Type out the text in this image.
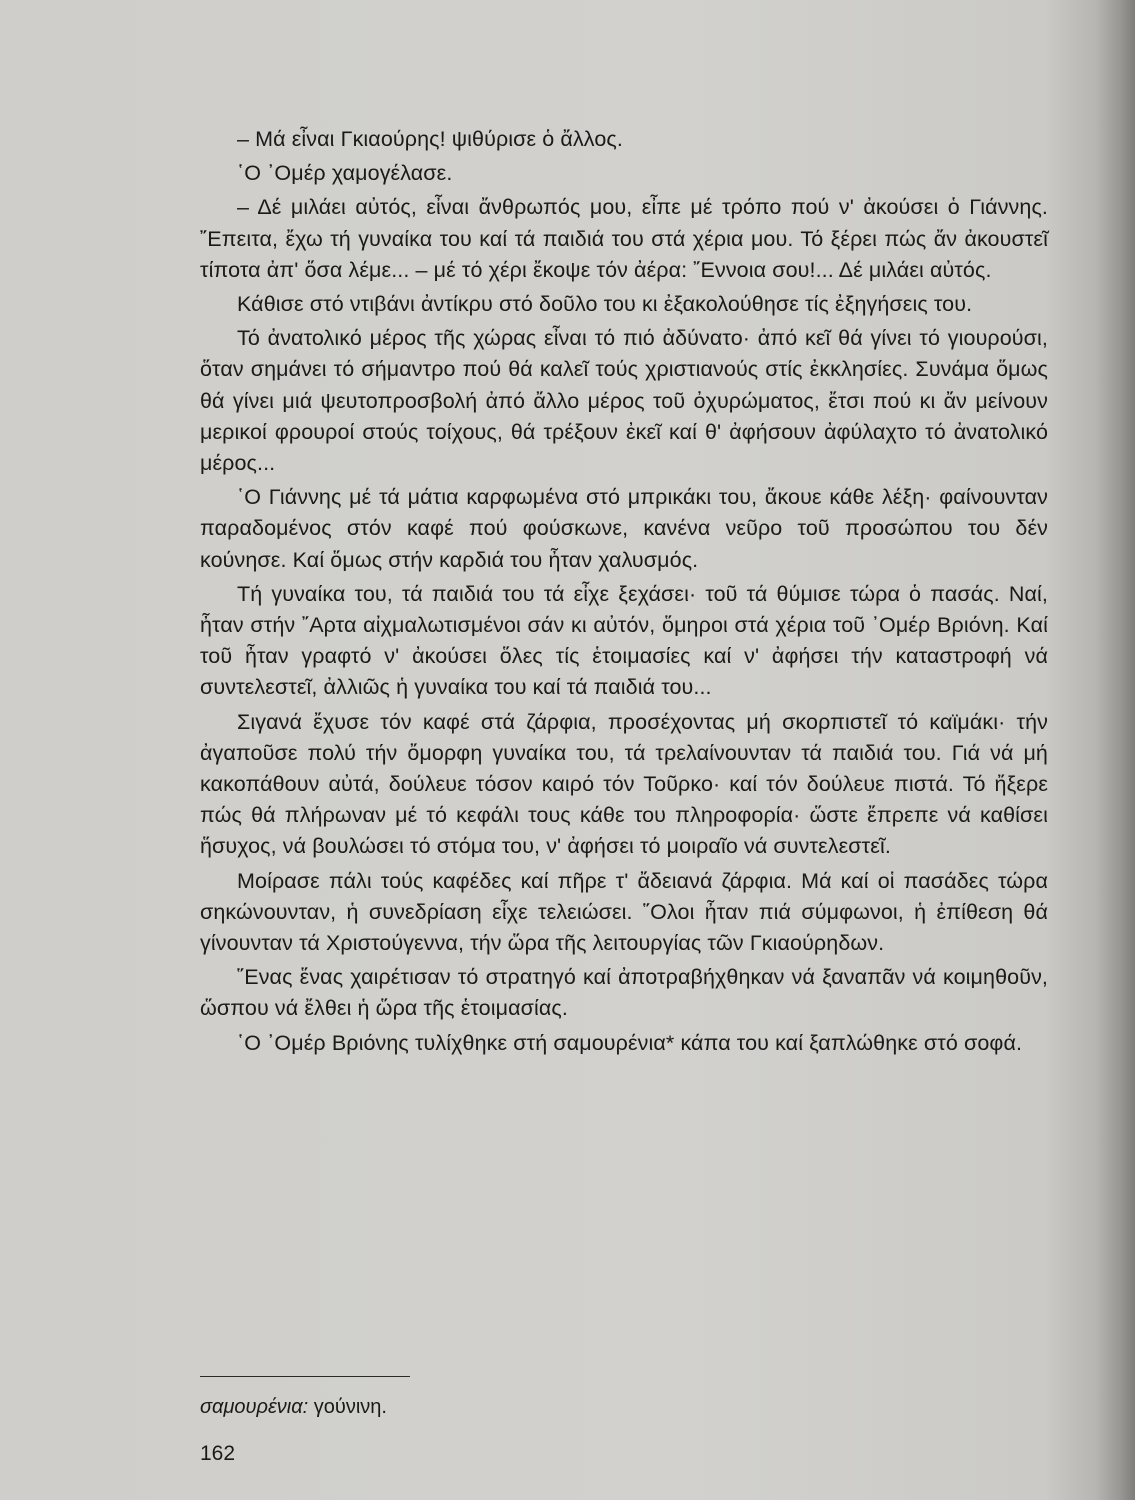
– Μά εἶναι Γκιαούρης! ψιθύρισε ὁ ἄλλος.

῾Ο ᾿Ομέρ χαμογέλασε.

– Δέ μιλάει αὐτός, εἶναι ἄνθρωπός μου, εἶπε μέ τρόπο πού ν' ἀκούσει ὁ Γιάννης. ῎Επειτα, ἔχω τή γυναίκα του καί τά παιδιά του στά χέρια μου. Τό ξέρει πώς ἄν ἀκουστεῖ τίποτα ἀπ' ὅσα λέμε... – μέ τό χέρι ἔκοψε τόν ἀέρα: ῎Εννοια σου!... Δέ μιλάει αὐτός.

Κάθισε στό ντιβάνι ἀντίκρυ στό δοῦλο του κι ἐξακολούθησε τίς ἐξηγήσεις του.

Τό ἀνατολικό μέρος τῆς χώρας εἶναι τό πιό ἀδύνατο· ἀπό κεῖ θά γίνει τό γιουρούσι, ὅταν σημάνει τό σήμαντρο πού θά καλεῖ τούς χριστιανούς στίς ἐκκλησίες. Συνάμα ὅμως θά γίνει μιά ψευτοπροσβολή ἀπό ἄλλο μέρος τοῦ ὀχυρώματος, ἔτσι πού κι ἄν μείνουν μερικοί φρουροί στούς τοίχους, θά τρέξουν ἐκεῖ καί θ' ἀφήσουν ἀφύλαχτο τό ἀνατολικό μέρος...

῾Ο Γιάννης μέ τά μάτια καρφωμένα στό μπρικάκι του, ἄκουε κάθε λέξη· φαίνουνταν παραδομένος στόν καφέ πού φούσκωνε, κανένα νεῦρο τοῦ προσώπου του δέν κούνησε. Καί ὅμως στήν καρδιά του ἦταν χαλυσμός.

Τή γυναίκα του, τά παιδιά του τά εἶχε ξεχάσει· τοῦ τά θύμισε τώρα ὁ πασάς. Ναί, ἦταν στήν ῎Αρτα αἰχμαλωτισμένοι σάν κι αὐτόν, ὅμηροι στά χέρια τοῦ ᾿Ομέρ Βριόνη. Καί τοῦ ἦταν γραφτό ν' ἀκούσει ὅλες τίς ἑτοιμασίες καί ν' ἀφήσει τήν καταστροφή νά συντελεστεῖ, ἀλλιῶς ἡ γυναίκα του καί τά παιδιά του...

Σιγανά ἔχυσε τόν καφέ στά ζάρφια, προσέχοντας μή σκορπιστεῖ τό καϊμάκι· τήν ἀγαποῦσε πολύ τήν ὄμορφη γυναίκα του, τά τρελαίνουνταν τά παιδιά του. Γιά νά μή κακοπάθουν αὐτά, δούλευε τόσον καιρό τόν Τοῦρκο· καί τόν δούλευε πιστά. Τό ἤξερε πώς θά πλήρωναν μέ τό κεφάλι τους κάθε του πληροφορία· ὥστε ἔπρεπε νά καθίσει ἥσυχος, νά βουλώσει τό στόμα του, ν' ἀφήσει τό μοιραῖο νά συντελεστεῖ.

Μοίρασε πάλι τούς καφέδες καί πῆρε τ' ἄδειανά ζάρφια. Μά καί οἱ πασάδες τώρα σηκώνουνταν, ἡ συνεδρίαση εἶχε τελειώσει. ῞Ολοι ἦταν πιά σύμφωνοι, ἡ ἐπίθεση θά γίνουνταν τά Χριστούγεννα, τήν ὥρα τῆς λειτουργίας τῶν Γκιαούρηδων.

῞Ενας ἕνας χαιρέτισαν τό στρατηγό καί ἀποτραβήχθηκαν νά ξαναπᾶν νά κοιμηθοῦν, ὥσπου νά ἔλθει ἡ ὥρα τῆς ἑτοιμασίας.

῾Ο ᾿Ομέρ Βριόνης τυλίχθηκε στή σαμουρένια* κάπα του καί ξαπλώθηκε στό σοφά.

σαμουρένια: γούνινη.
162
